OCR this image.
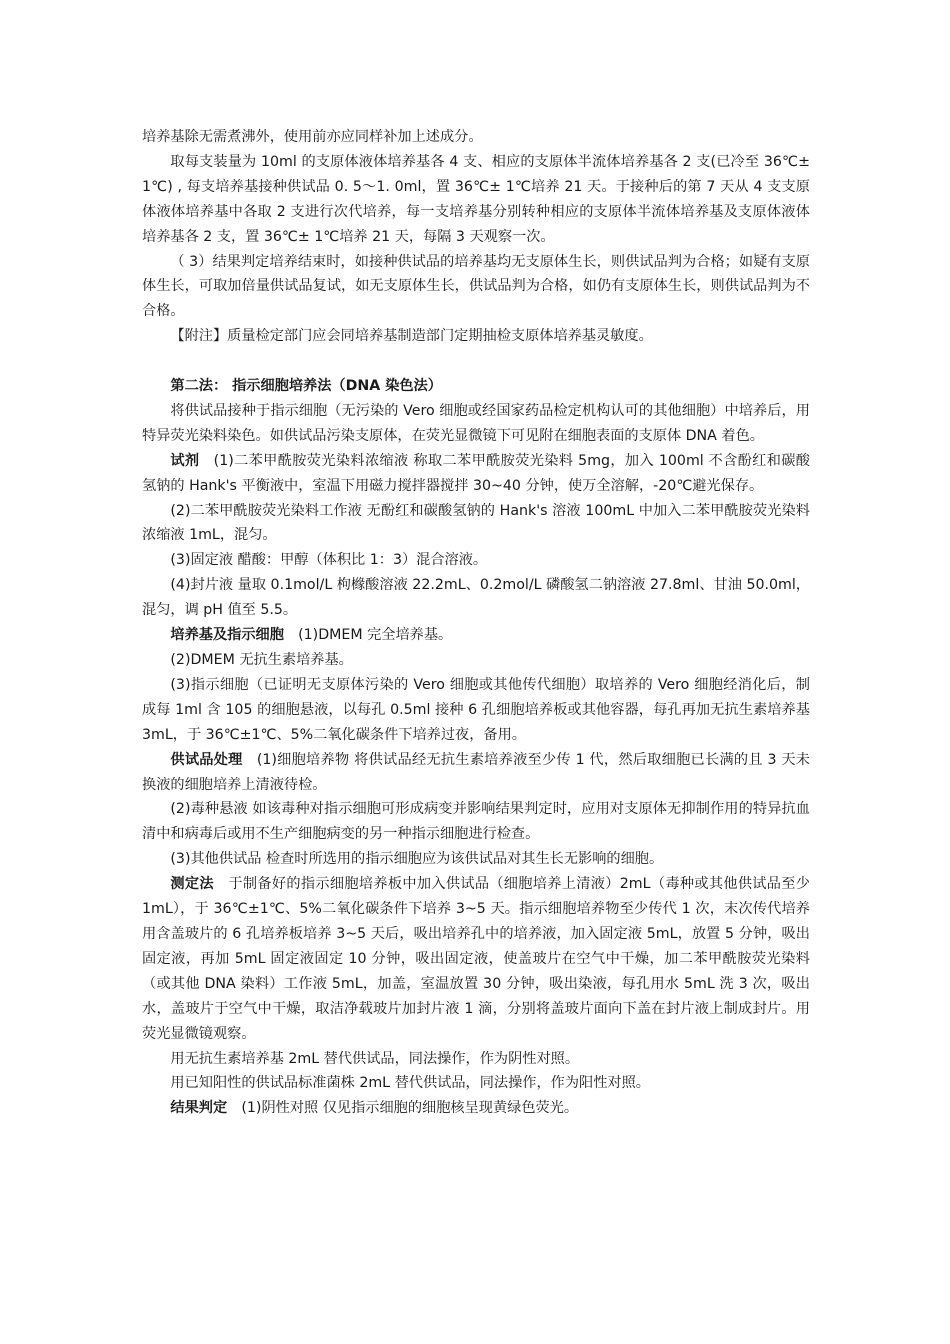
培养基除无需煮沸外，使用前亦应同样补加上述成分。

取每支装量为 10ml 的支原体液体培养基各 4 支、相应的支原体半流体培养基各 2 支(已冷至 36℃± 1℃) , 每支培养基接种供试品 0. 5～1. 0ml，置 36℃± 1℃培养 21 天。于接种后的第 7 天从 4 支支原体液体培养基中各取 2 支进行次代培养，每一支培养基分别转种相应的支原体半流体培养基及支原体液体培养基各 2 支，置 36℃± 1℃培养 21 天，每隔 3 天观察一次。

（ 3）结果判定培养结束时，如接种供试品的培养基均无支原体生长，则供试品判为合格；如疑有支原体生长，可取加倍量供试品复试，如无支原体生长，供试品判为合格，如仍有支原体生长，则供试品判为不合格。

【附注】质量检定部门应会同培养基制造部门定期抽检支原体培养基灵敏度。

第二法： 指示细胞培养法（DNA 染色法）

将供试品接种于指示细胞（无污染的 Vero 细胞或经国家药品检定机构认可的其他细胞）中培养后，用特异荧光染料染色。如供试品污染支原体，在荧光显微镜下可见附在细胞表面的支原体 DNA 着色。

试剂 (1)二苯甲酰胺荧光染料浓缩液 称取二苯甲酰胺荧光染料 5mg，加入 100ml 不含酚红和碳酸氢钠的 Hank's 平衡液中，室温下用磁力搅拌器搅拌 30~40 分钟，使万全溶解，-20℃避光保存。

(2)二苯甲酰胺荧光染料工作液 无酚红和碳酸氢钠的 Hank's 溶液 100mL 中加入二苯甲酰胺荧光染料浓缩液 1mL，混匀。

(3)固定液 醋酸：甲醇（体积比 1：3）混合溶液。

(4)封片液 量取 0.1mol/L 枸橼酸溶液 22.2mL、0.2mol/L 磷酸氢二钠溶液 27.8ml、甘油 50.0ml，混匀，调 pH 值至 5.5。

培养基及指示细胞 (1)DMEM 完全培养基。

(2)DMEM 无抗生素培养基。

(3)指示细胞（已证明无支原体污染的 Vero 细胞或其他传代细胞）取培养的 Vero 细胞经消化后，制成每 1ml 含 105 的细胞悬液，以每孔 0.5ml 接种 6 孔细胞培养板或其他容器，每孔再加无抗生素培养基 3mL，于 36℃±1℃、5%二氧化碳条件下培养过夜，备用。

供试品处理 (1)细胞培养物 将供试品经无抗生素培养液至少传 1 代，然后取细胞已长满的且 3 天未换液的细胞培养上清液待检。

(2)毒种悬液 如该毒种对指示细胞可形成病变并影响结果判定时，应用对支原体无抑制作用的特异抗血清中和病毒后或用不生产细胞病变的另一种指示细胞进行检查。

(3)其他供试品 检查时所选用的指示细胞应为该供试品对其生长无影响的细胞。

测定法 于制备好的指示细胞培养板中加入供试品（细胞培养上清液）2mL（毒种或其他供试品至少 1mL），于 36℃±1℃、5%二氧化碳条件下培养 3~5 天。指示细胞培养物至少传代 1 次，末次传代培养用含盖玻片的 6 孔培养板培养 3~5 天后，吸出培养孔中的培养液，加入固定液 5mL，放置 5 分钟，吸出固定液，再加 5mL 固定液固定 10 分钟，吸出固定液，使盖玻片在空气中干燥，加二苯甲酰胺荧光染料（或其他 DNA 染料）工作液 5mL，加盖，室温放置 30 分钟，吸出染液，每孔用水 5mL 洗 3 次，吸出水，盖玻片于空气中干燥，取洁净载玻片加封片液 1 滴，分别将盖玻片面向下盖在封片液上制成封片。用荧光显微镜观察。

用无抗生素培养基 2mL 替代供试品，同法操作，作为阴性对照。

用已知阳性的供试品标准菌株 2mL 替代供试品，同法操作，作为阳性对照。

结果判定 (1)阴性对照 仅见指示细胞的细胞核呈现黄绿色荧光。
